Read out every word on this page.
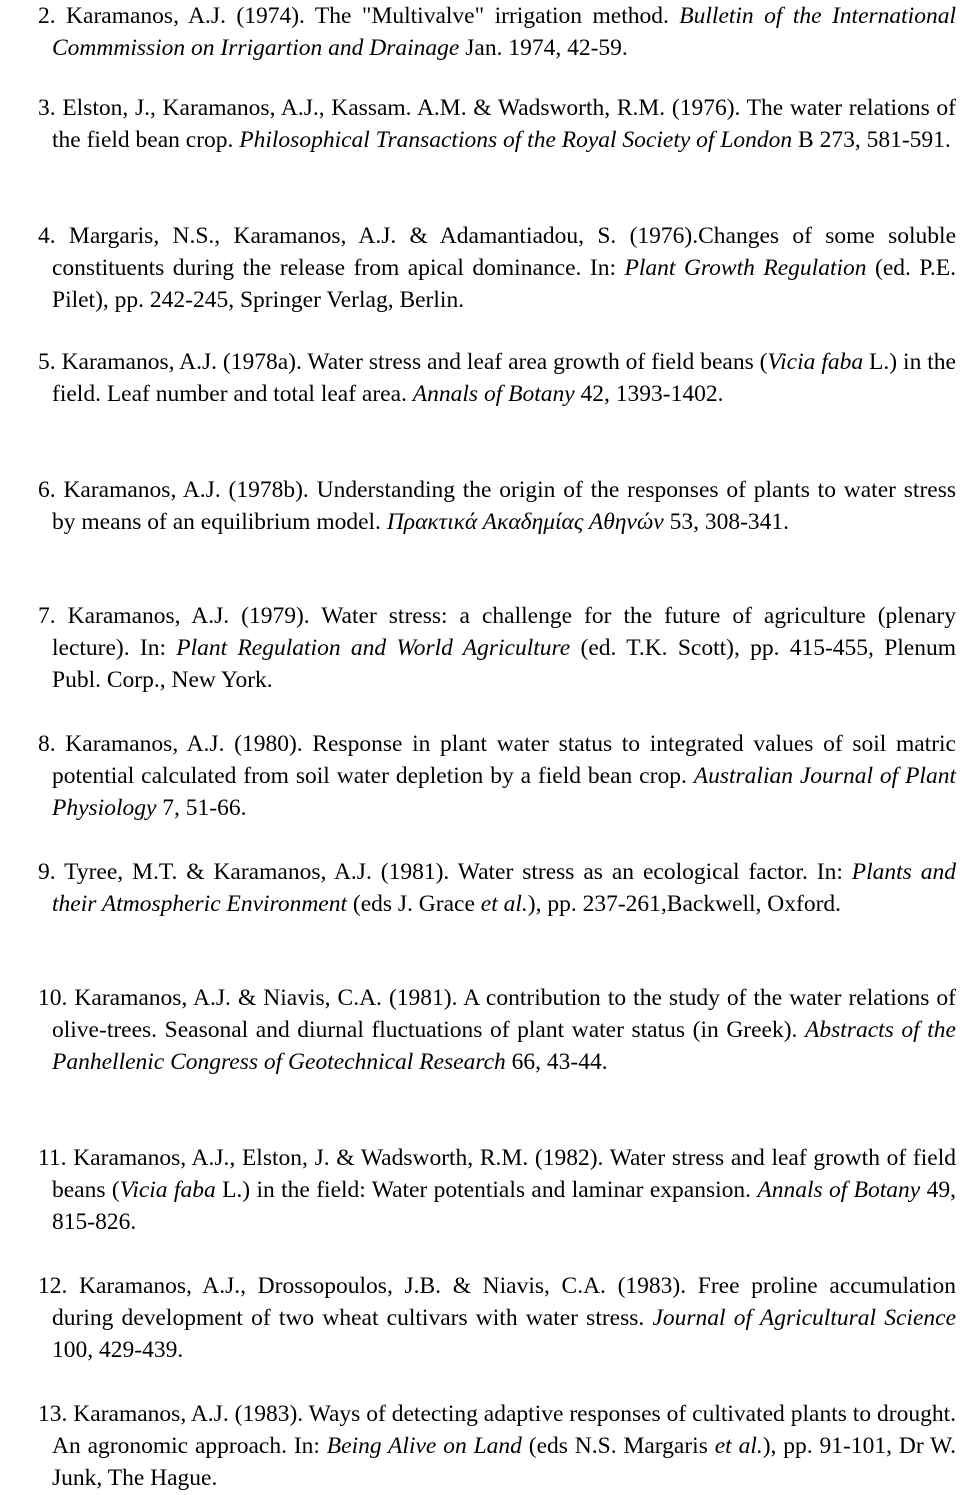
2. Karamanos, A.J. (1974). The "Multivalve" irrigation method. Bulletin of the International Commmission on Irrigartion and Drainage Jan. 1974, 42-59.
3. Elston, J., Karamanos, A.J., Kassam. A.M. & Wadsworth, R.M. (1976). The water relations of the field bean crop. Philosophical Transactions of the Royal Society of London B 273, 581-591.
4. Margaris, N.S., Karamanos, A.J. & Adamantiadou, S. (1976).Changes of some soluble constituents during the release from apical dominance. In: Plant Growth Regulation (ed. P.E. Pilet), pp. 242-245, Springer Verlag, Berlin.
5. Karamanos, A.J. (1978a). Water stress and leaf area growth of field beans (Vicia faba L.) in the field. Leaf number and total leaf area. Annals of Botany 42, 1393-1402.
6. Karamanos, A.J. (1978b). Understanding the origin of the responses of plants to water stress by means of an equilibrium model. Πρακτικά Ακαδημίας Αθηνών 53, 308-341.
7. Karamanos, A.J. (1979). Water stress: a challenge for the future of agriculture (plenary lecture). In: Plant Regulation and World Agriculture (ed. T.K. Scott), pp. 415-455, Plenum Publ. Corp., New York.
8. Karamanos, A.J. (1980). Response in plant water status to integrated values of soil matric potential calculated from soil water depletion by a field bean crop. Australian Journal of Plant Physiology 7, 51-66.
9. Tyree, M.T. & Karamanos, A.J. (1981). Water stress as an ecological factor. In: Plants and their Atmospheric Environment (eds J. Grace et al.), pp. 237-261,Backwell, Oxford.
10. Karamanos, A.J. & Niavis, C.A. (1981). A contribution to the study of the water relations of olive-trees. Seasonal and diurnal fluctuations of plant water status (in Greek). Abstracts of the Panhellenic Congress of Geotechnical Research 66, 43-44.
11. Karamanos, A.J., Elston, J. & Wadsworth, R.M. (1982). Water stress and leaf growth of field beans (Vicia faba L.) in the field: Water potentials and laminar expansion. Annals of Botany 49, 815-826.
12. Karamanos, A.J., Drossopoulos, J.B. & Niavis, C.A. (1983). Free proline accumulation during development of two wheat cultivars with water stress. Journal of Agricultural Science 100, 429-439.
13. Karamanos, A.J. (1983). Ways of detecting adaptive responses of cultivated plants to drought. An agronomic approach. In: Being Alive on Land (eds N.S. Margaris et al.), pp. 91-101, Dr W. Junk, The Hague.
